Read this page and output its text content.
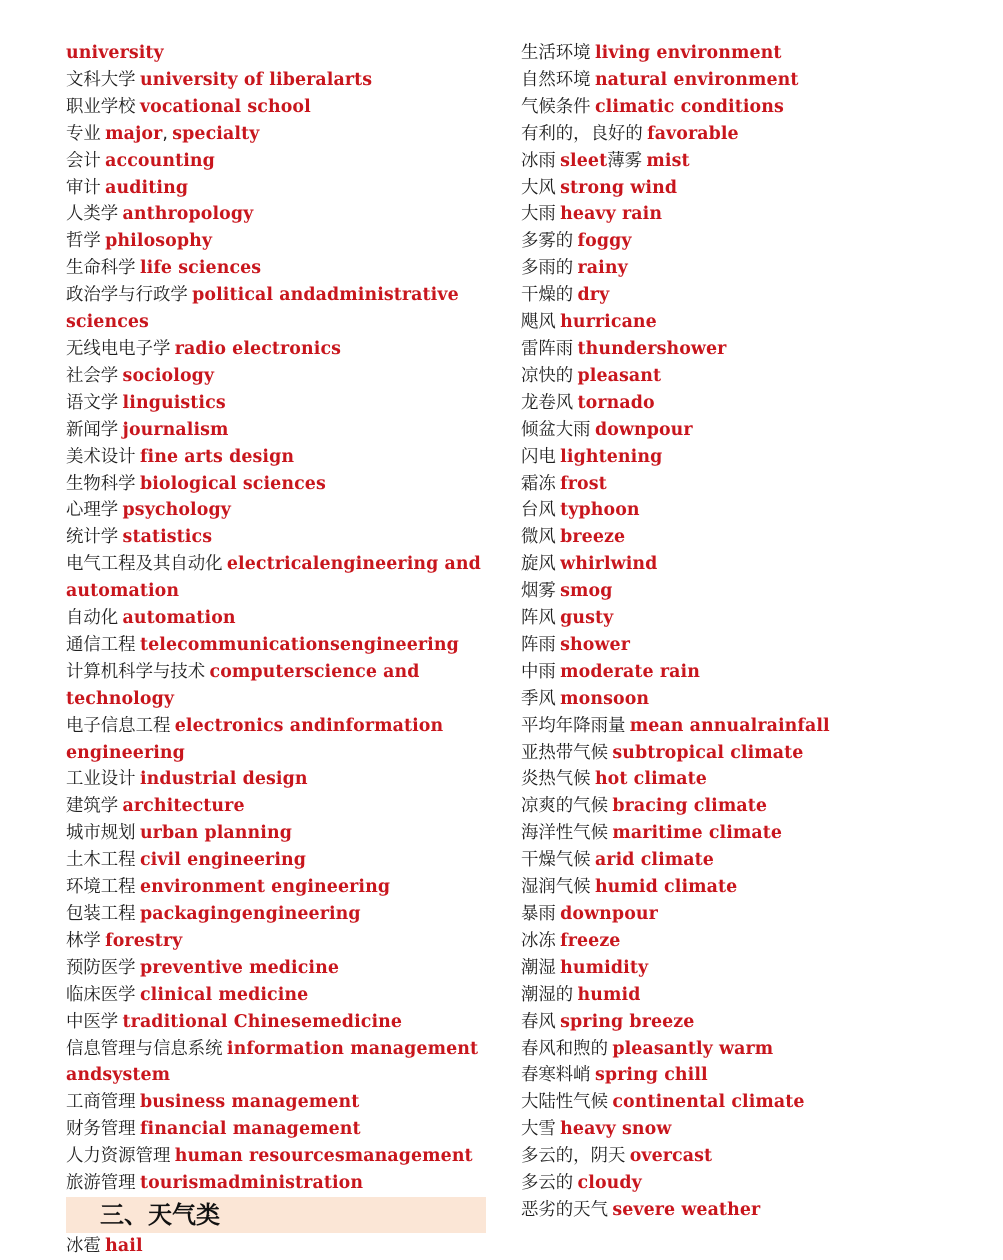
university

文科大学 university of liberalarts

职业学校 vocational school

专业 major, specialty

会计 accounting

审计 auditing

人类学 anthropology

哲学 philosophy

生命科学 life sciences

政治学与行政学 political andadministrative sciences

无线电电子学 radio electronics

社会学 sociology

语文学 linguistics

新闻学 journalism

美术设计 fine arts design

生物科学 biological sciences

心理学 psychology

统计学 statistics

电气工程及其自动化 electricalengineering and automation

自动化 automation

通信工程 telecommunicationsengineering

计算机科学与技术 computerscience and technology

电子信息工程 electronics andinformation engineering

工业设计 industrial design

建筑学 architecture

城市规划 urban planning

土木工程 civil engineering

环境工程 environment engineering

包装工程 packagingengineering

林学 forestry

预防医学 preventive medicine

临床医学 clinical medicine

中医学 traditional Chinesemedicine

信息管理与信息系统 information management andsystem

工商管理 business management

财务管理 financial management

人力资源管理 human resourcesmanagement

旅游管理 tourismadministration

三、天气类

冰雹 hail

生活环境 living environment

自然环境 natural environment

气候条件 climatic conditions

有利的，良好的 favorable

冰雨 sleet薄雾 mist

大风 strong wind

大雨 heavy rain

多雾的 foggy

多雨的 rainy

干燥的 dry

飓风 hurricane

雷阵雨 thundershower

凉快的 pleasant

龙卷风 tornado

倾盆大雨 downpour

闪电 lightening

霜冻 frost

台风 typhoon

微风 breeze

旋风 whirlwind

烟雾 smog

阵风 gusty

阵雨 shower

中雨 moderate rain

季风 monsoon

平均年降雨量 mean annualrainfall

亚热带气候 subtropical climate

炎热气候 hot climate

凉爽的气候 bracing climate

海洋性气候 maritime climate

干燥气候 arid climate

湿润气候 humid climate

暴雨 downpour

冰冻 freeze

潮湿 humidity

潮湿的 humid

春风 spring breeze

春风和煦的 pleasantly warm

春寒料峭 spring chill

大陆性气候 continental climate

大雪 heavy snow

多云的，阴天 overcast

多云的 cloudy

恶劣的天气 severe weather
